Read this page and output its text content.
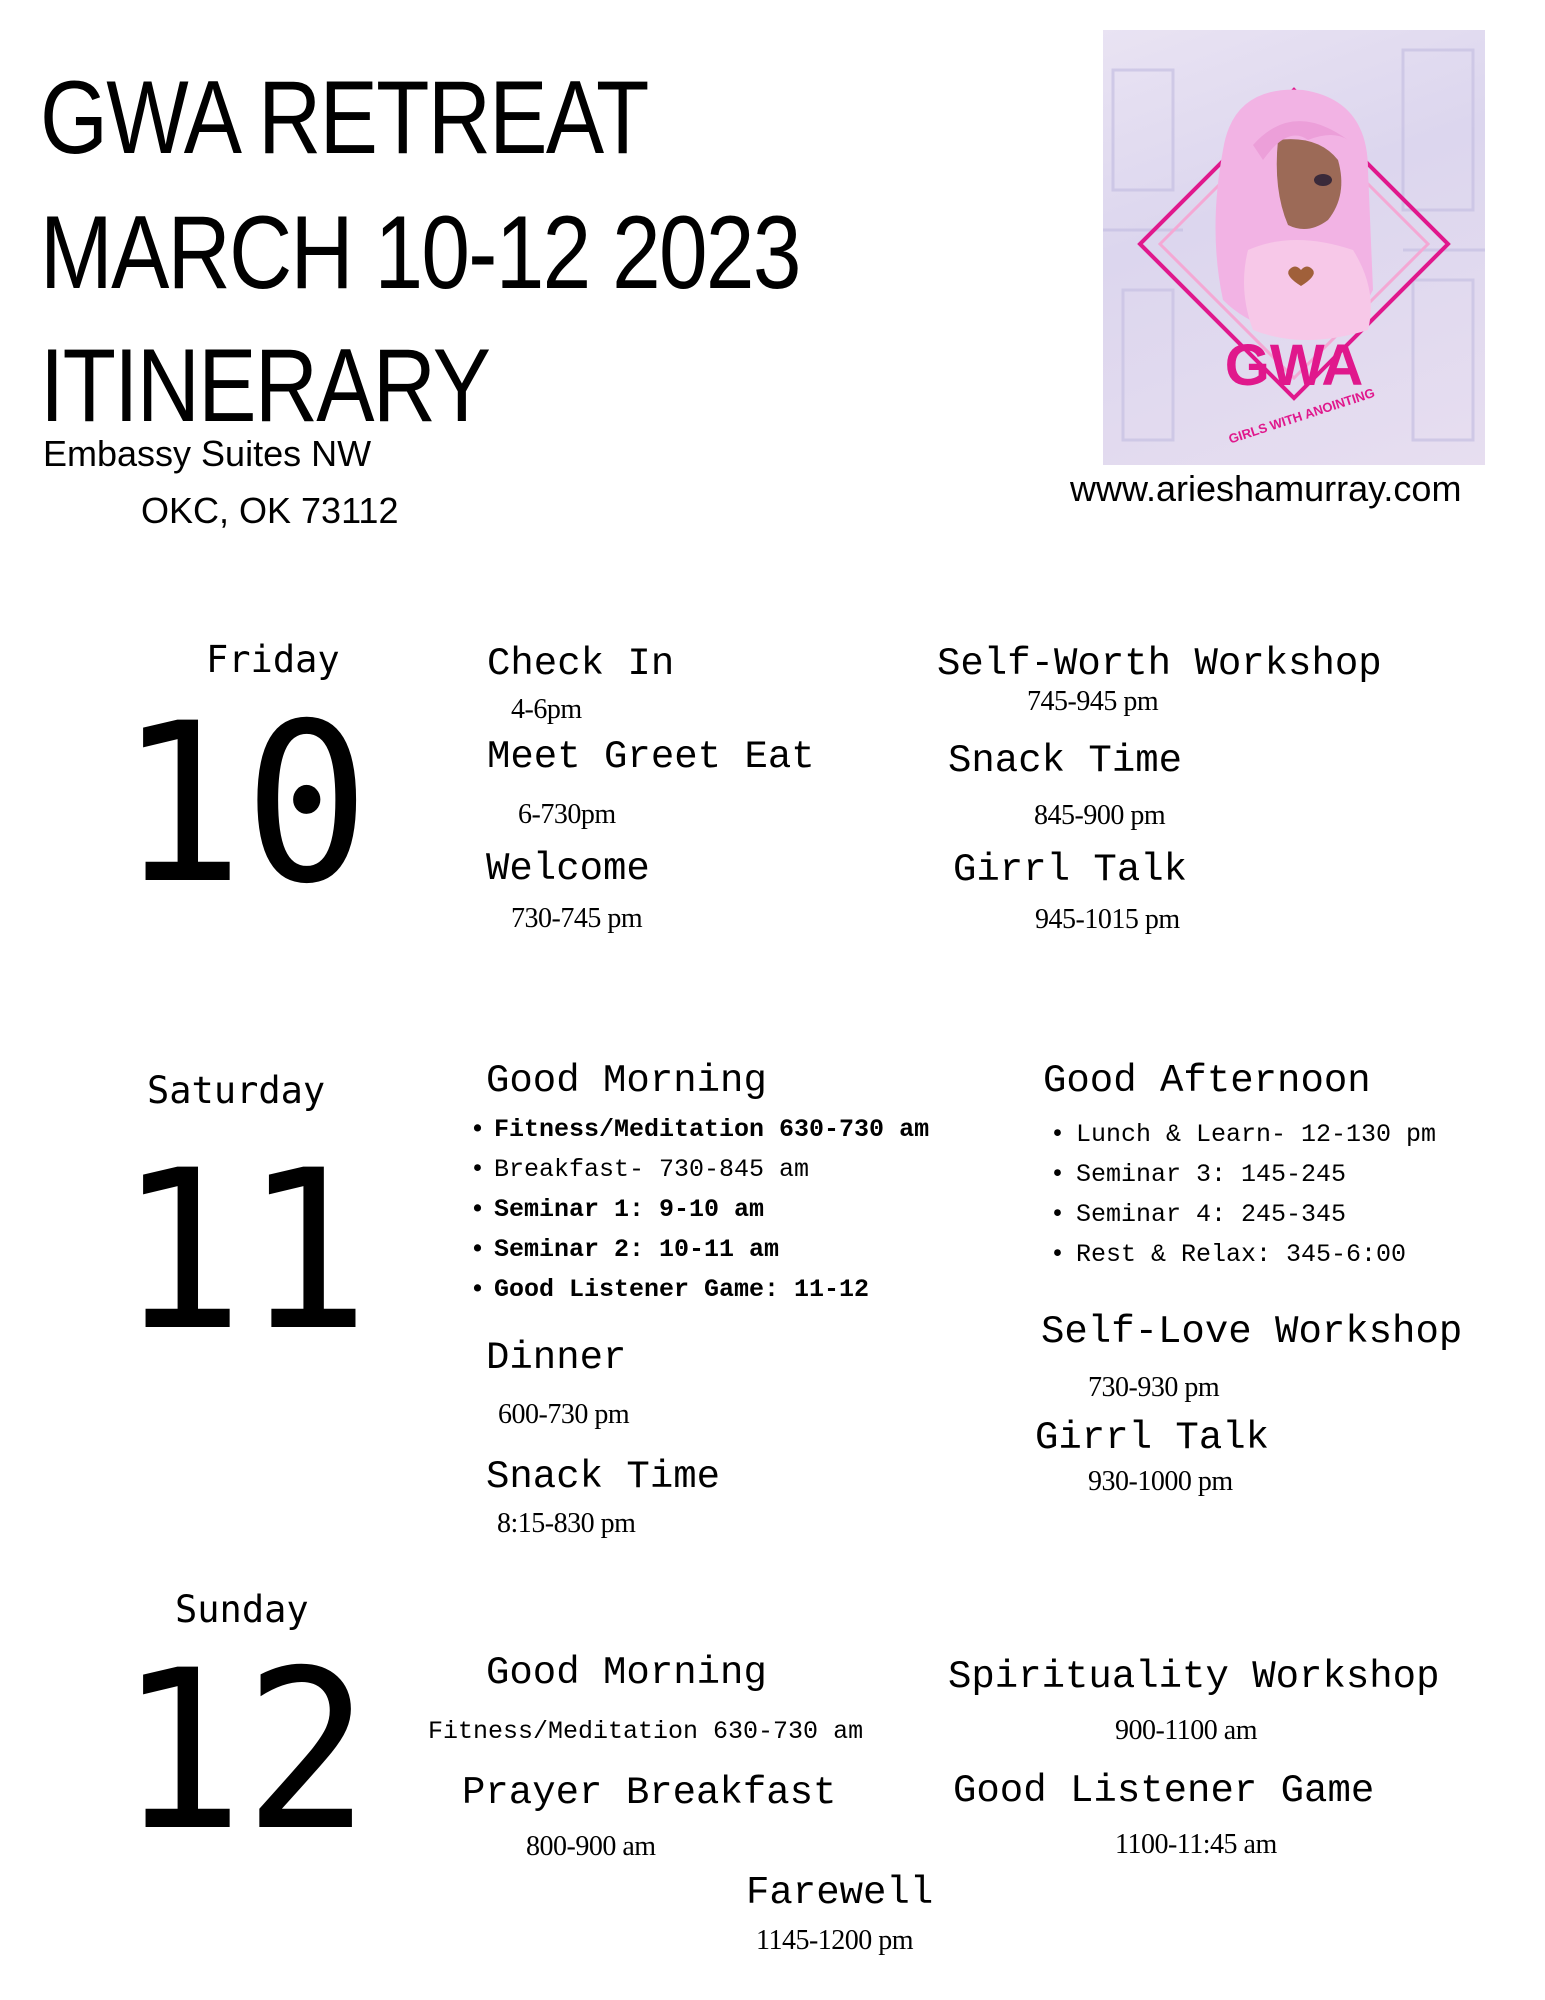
GWA RETREAT
MARCH 10-12 2023
ITINERARY
Embassy Suites NW
OKC, OK 73112
GWA
GIRLS WITH ANOINTING
www.arieshamurray.com
Friday
10
Check In
4-6pm
Meet Greet Eat
6-730pm
Welcome
730-745 pm
Self-Worth Workshop
745-945 pm
Snack Time
845-900 pm
Girrl Talk
945-1015 pm
Saturday
11
Good Morning
• Fitness/Meditation 630-730 am
• Breakfast- 730-845 am
• Seminar 1: 9-10 am
• Seminar 2: 10-11 am
• Good Listener Game: 11-12
Good Afternoon
• Lunch & Learn- 12-130 pm
• Seminar 3: 145-245
• Seminar 4: 245-345
• Rest & Relax: 345-6:00
Dinner
600-730 pm
Snack Time
8:15-830 pm
Self-Love Workshop
730-930 pm
Girrl Talk
930-1000 pm
Sunday
12	Good Morning
Fitness/Meditation 630-730 am
Prayer Breakfast
800-900 am
Spirituality Workshop
900-1100 am
Good Listener Game
1100-11:45 am
Farewell
1145-1200 pm
